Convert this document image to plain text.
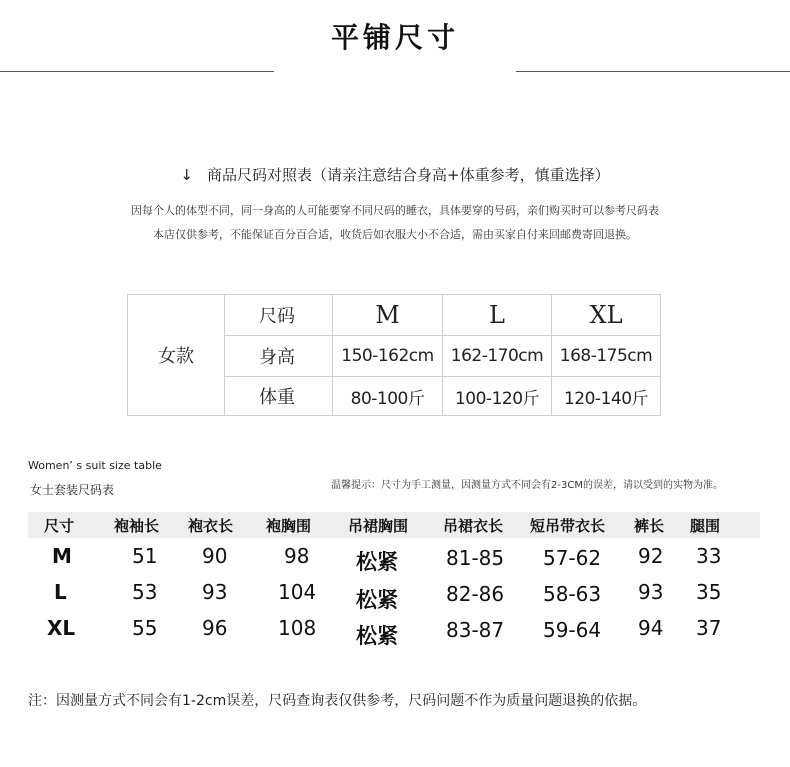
平铺尺寸
↓ 商品尺码对照表（请亲注意结合身高+体重参考，慎重选择）
因每个人的体型不同，同一身高的人可能要穿不同尺码的睡衣，具体要穿的号码，亲们购买时可以参考尺码表
本店仅供参考，不能保证百分百合适，收货后如衣服大小不合适，需由买家自付来回邮费寄回退换。
女款	尺码	M	L	XL
	身高	150-162cm	162-170cm	168-175cm
	体重	80-100斤	100-120斤	120-140斤
Women’ s suit size table
女士套装尺码表	温馨提示：尺寸为手工测量，因测量方式不同会有2-3CM的误差，请以受到的实物为准。
尺寸	袍袖长 袍衣长 袍胸围 吊裙胸围 吊裙衣长 短吊带衣长 裤长 腿围
M	51 90	98 松紧 81-85 57-62 92 33
L	53 93	104 松紧 82-86 58-63 93 35
XL	55 96	108 松紧 83-87 59-64 94 37
注：因测量方式不同会有1-2cm误差，尺码查询表仅供参考，尺码问题不作为质量问题退换的依据。
